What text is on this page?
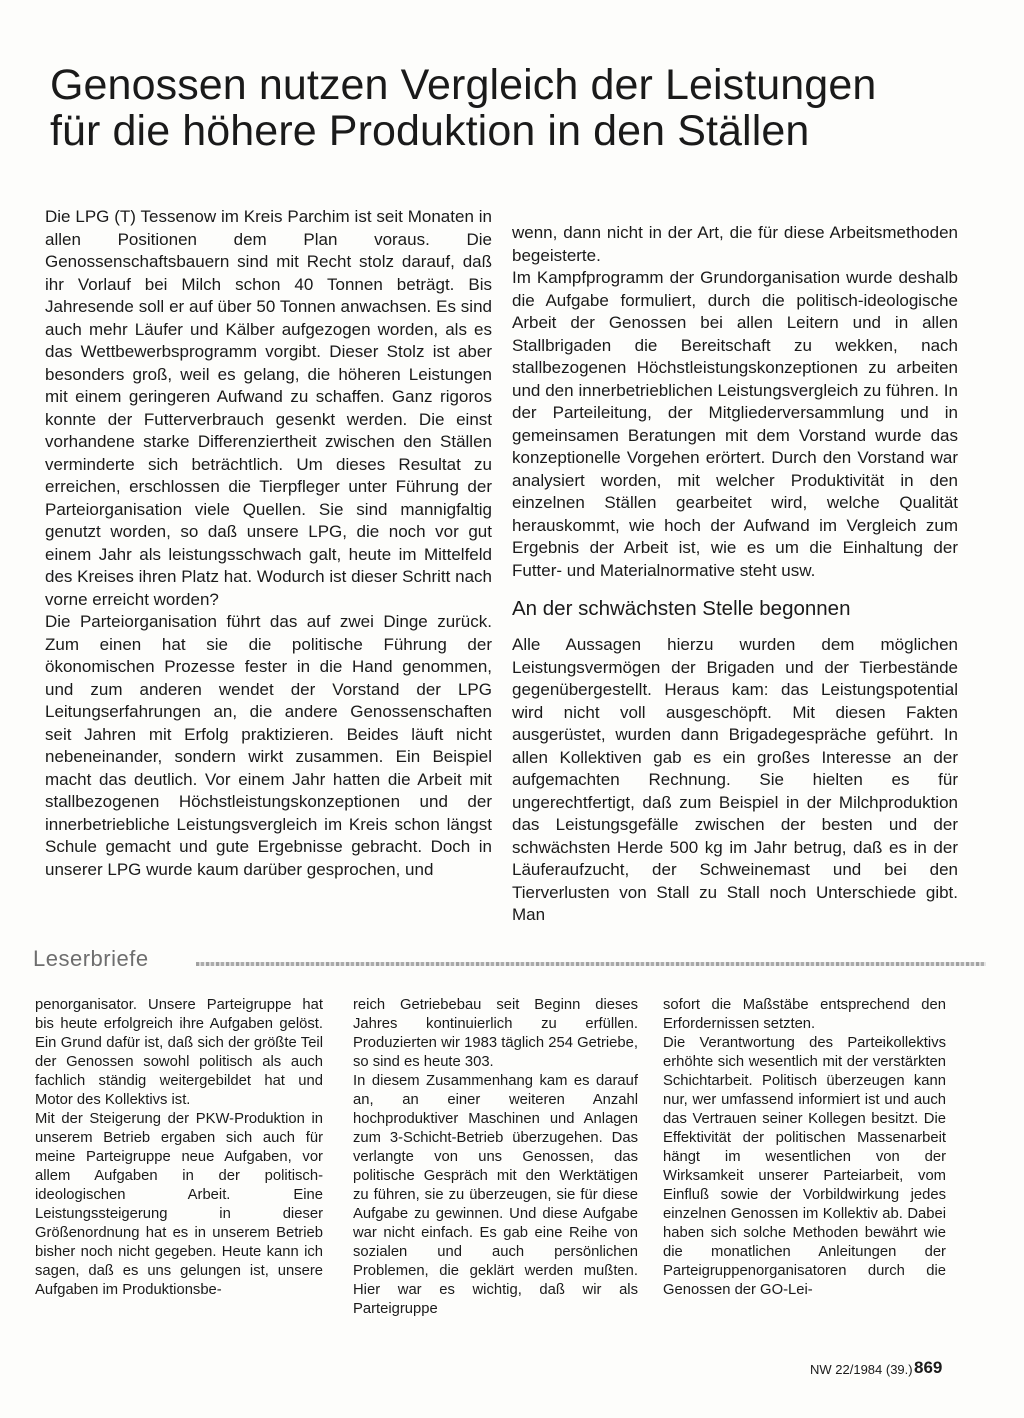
Genossen nutzen Vergleich der Leistungen
für die höhere Produktion in den Ställen

Die LPG (T) Tessenow im Kreis Parchim ist seit Monaten in allen Positionen dem Plan voraus. Die Genossenschaftsbauern sind mit Recht stolz darauf, daß ihr Vorlauf bei Milch schon 40 Tonnen beträgt. Bis Jahresende soll er auf über 50 Tonnen anwachsen. Es sind auch mehr Läufer und Kälber aufgezogen worden, als es das Wettbewerbsprogramm vorgibt. Dieser Stolz ist aber besonders groß, weil es gelang, die höheren Leistungen mit einem geringeren Aufwand zu schaffen. Ganz rigoros konnte der Futterverbrauch gesenkt werden. Die einst vorhandene starke Differenziertheit zwischen den Ställen verminderte sich beträchtlich. Um dieses Resultat zu erreichen, erschlossen die Tierpfleger unter Führung der Parteiorganisation viele Quellen. Sie sind mannigfaltig genutzt worden, so daß unsere LPG, die noch vor gut einem Jahr als leistungsschwach galt, heute im Mittelfeld des Kreises ihren Platz hat. Wodurch ist dieser Schritt nach vorne erreicht worden?

Die Parteiorganisation führt das auf zwei Dinge zurück. Zum einen hat sie die politische Führung der ökonomischen Prozesse fester in die Hand genommen, und zum anderen wendet der Vorstand der LPG Leitungserfahrungen an, die andere Genossenschaften seit Jahren mit Erfolg praktizieren. Beides läuft nicht nebeneinander, sondern wirkt zusammen. Ein Beispiel macht das deutlich. Vor einem Jahr hatten die Arbeit mit stallbezogenen Höchstleistungskonzeptionen und der innerbetriebliche Leistungsvergleich im Kreis schon längst Schule gemacht und gute Ergebnisse gebracht. Doch in unserer LPG wurde kaum darüber gesprochen, und

wenn, dann nicht in der Art, die für diese Arbeitsmethoden begeisterte.

Im Kampfprogramm der Grundorganisation wurde deshalb die Aufgabe formuliert, durch die politisch-ideologische Arbeit der Genossen bei allen Leitern und in allen Stallbrigaden die Bereitschaft zu wekken, nach stallbezogenen Höchstleistungskonzeptionen zu arbeiten und den innerbetrieblichen Leistungsvergleich zu führen. In der Parteileitung, der Mitgliederversammlung und in gemeinsamen Beratungen mit dem Vorstand wurde das konzeptionelle Vorgehen erörtert. Durch den Vorstand war analysiert worden, mit welcher Produktivität in den einzelnen Ställen gearbeitet wird, welche Qualität herauskommt, wie hoch der Aufwand im Vergleich zum Ergebnis der Arbeit ist, wie es um die Einhaltung der Futter- und Materialnormative steht usw.

An der schwächsten Stelle begonnen

Alle Aussagen hierzu wurden dem möglichen Leistungsvermögen der Brigaden und der Tierbestände gegenübergestellt. Heraus kam: das Leistungspotential wird nicht voll ausgeschöpft. Mit diesen Fakten ausgerüstet, wurden dann Brigadegespräche geführt. In allen Kollektiven gab es ein großes Interesse an der aufgemachten Rechnung. Sie hielten es für ungerechtfertigt, daß zum Beispiel in der Milchproduktion das Leistungsgefälle zwischen der besten und der schwächsten Herde 500 kg im Jahr betrug, daß es in der Läuferaufzucht, der Schweinemast und bei den Tierverlusten von Stall zu Stall noch Unterschiede gibt. Man

Leserbriefe

penorganisator. Unsere Parteigruppe hat bis heute erfolgreich ihre Aufgaben gelöst. Ein Grund dafür ist, daß sich der größte Teil der Genossen sowohl politisch als auch fachlich ständig weitergebildet hat und Motor des Kollektivs ist.

Mit der Steigerung der PKW-Produktion in unserem Betrieb ergaben sich auch für meine Parteigruppe neue Aufgaben, vor allem Aufgaben in der politisch-ideologischen Arbeit. Eine Leistungssteigerung in dieser Größenordnung hat es in unserem Betrieb bisher noch nicht gegeben. Heute kann ich sagen, daß es uns gelungen ist, unsere Aufgaben im Produktionsbe-

reich Getriebebau seit Beginn dieses Jahres kontinuierlich zu erfüllen. Produzierten wir 1983 täglich 254 Getriebe, so sind es heute 303.

In diesem Zusammenhang kam es darauf an, an einer weiteren Anzahl hochproduktiver Maschinen und Anlagen zum 3-Schicht-Betrieb überzugehen. Das verlangte von uns Genossen, das politische Gespräch mit den Werktätigen zu führen, sie zu überzeugen, sie für diese Aufgabe zu gewinnen. Und diese Aufgabe war nicht einfach. Es gab eine Reihe von sozialen und auch persönlichen Problemen, die geklärt werden mußten. Hier war es wichtig, daß wir als Parteigruppe

sofort die Maßstäbe entsprechend den Erfordernissen setzten.

Die Verantwortung des Parteikollektivs erhöhte sich wesentlich mit der verstärkten Schichtarbeit. Politisch überzeugen kann nur, wer umfassend informiert ist und auch das Vertrauen seiner Kollegen besitzt. Die Effektivität der politischen Massenarbeit hängt im wesentlichen von der Wirksamkeit unserer Parteiarbeit, vom Einfluß sowie der Vorbildwirkung jedes einzelnen Genossen im Kollektiv ab. Dabei haben sich solche Methoden bewährt wie die monatlichen Anleitungen der Parteigruppenorganisatoren durch die Genossen der GO-Lei-

NW 22/1984 (39.) 869
